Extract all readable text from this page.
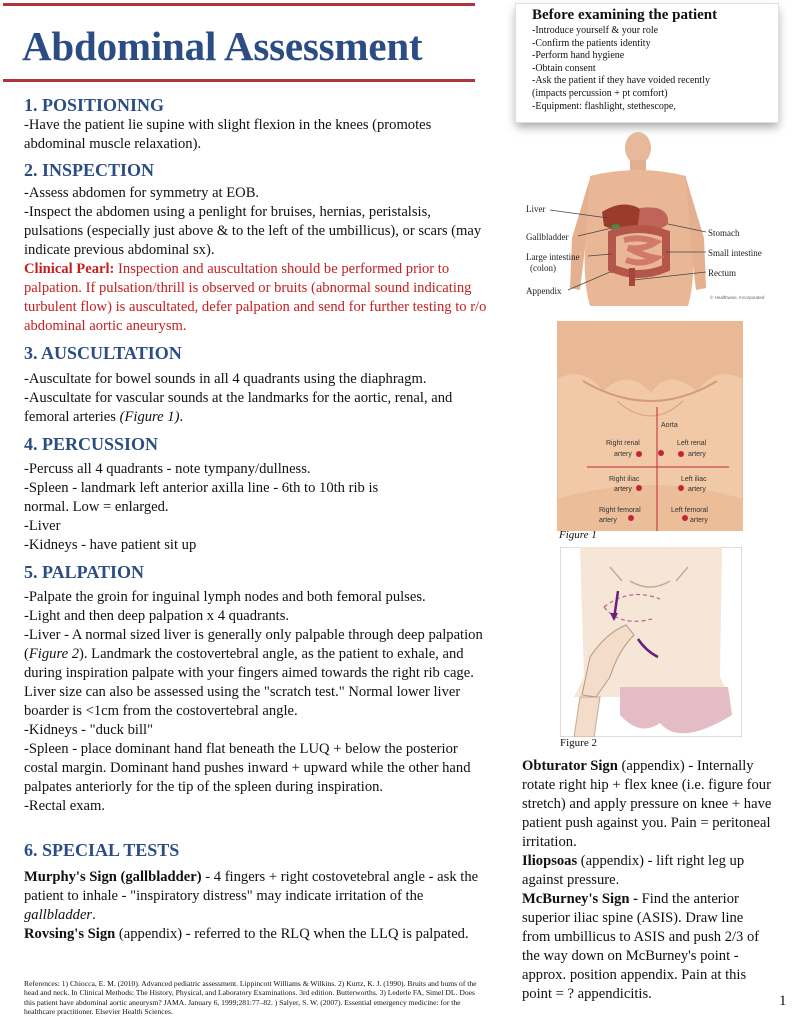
Abdominal Assessment
1. POSITIONING

-Have the patient lie supine with slight flexion in the knees (promotes abdominal muscle relaxation).

2. INSPECTION

-Assess abdomen for symmetry at EOB.

-Inspect the abdomen using a penlight for bruises, hernias, peristalsis, pulsations (especially just above & to the left of the umbillicus), or scars (may indicate previous abdominal sx).

Clinical Pearl: Inspection and auscultation should be performed prior to palpation. If pulsation/thrill is observed or bruits (abnormal sound indicating turbulent flow) is auscultated, defer palpation and send for further testing to r/o abdominal aortic aneurysm.

3. AUSCULTATION

-Auscultate for bowel sounds in all 4 quadrants using the diaphragm.

-Auscultate for vascular sounds at the landmarks for the aortic, renal, and femoral arteries (Figure 1).

4. PERCUSSION

-Percuss all 4 quadrants - note tympany/dullness.

-Spleen - landmark left anterior axilla line - 6th to 10th rib is normal. Low = enlarged.

-Liver

-Kidneys - have patient sit up

5. PALPATION

-Palpate the groin for inguinal lymph nodes and both femoral pulses.

-Light and then deep palpation x 4 quadrants.

-Liver - A normal sized liver is generally only palpable through deep palpation (Figure 2). Landmark the costovertebral angle, as the patient to exhale, and during inspiration palpate with your fingers aimed towards the right rib cage. Liver size can also be assessed using the "scratch test." Normal lower liver boarder is <1cm from the costovertebral angle.

-Kidneys - "duck bill"

-Spleen - place dominant hand flat beneath the LUQ + below the posterior costal margin. Dominant hand pushes inward + upward while the other hand palpates anteriorly for the tip of the spleen during inspiration.

-Rectal exam.

6. SPECIAL TESTS

Murphy's Sign (gallbladder) - 4 fingers + right costovetebral angle - ask the patient to inhale - "inspiratory distress" may indicate irritation of the gallbladder.

Rovsing's Sign (appendix) - referred to the RLQ when the LLQ is palpated.

References: 1) Chiocca, E. M. (2010). Advanced pediatric assessment. Lippincott Williams & Wilkins. 2) Kurtz, K. J. (1990). Bruits and hums of the head and neck. In Clinical Methods: The History, Physical, and Laboratory Examinations. 3rd edition. Butterworths. 3) Lederle FA, Simel DL. Does this patient have abdominal aortic aneurysm? JAMA. January 6, 1999;281:77–82. ) Salyer, S. W. (2007). Essential emergency medicine: for the healthcare practitioner. Elsevier Health Sciences.
Before examining the patient
-Introduce yourself & your role
-Confirm the patients identity
-Perform hand hygiene
-Obtain consent
-Ask the patient if they have voided recently
(impacts percussion + pt comfort)
-Equipment: flashlight, stethescope,
Liver
Gallbladder
Large intestine
(colon)
Appendix
Stomach
Small intestine
Rectum
© Healthwise, Incorporated
Aorta
Right renal
artery
Left renal
artery
Right iliac
artery
Left iliac
artery
Right femoral
artery
Left femoral
artery
Figure 1
Figure 2

Obturator Sign (appendix) - Internally rotate right hip + flex knee (i.e. figure four stretch) and apply pressure on knee + have patient push against you. Pain = peritoneal irritation.

Iliopsoas (appendix) - lift right leg up against pressure.

McBurney's Sign - Find the anterior superior iliac spine (ASIS). Draw line from umbillicus to ASIS and push 2/3 of the way down on McBurney's point - approx. position appendix. Pain at this point = ? appendicitis.	1
